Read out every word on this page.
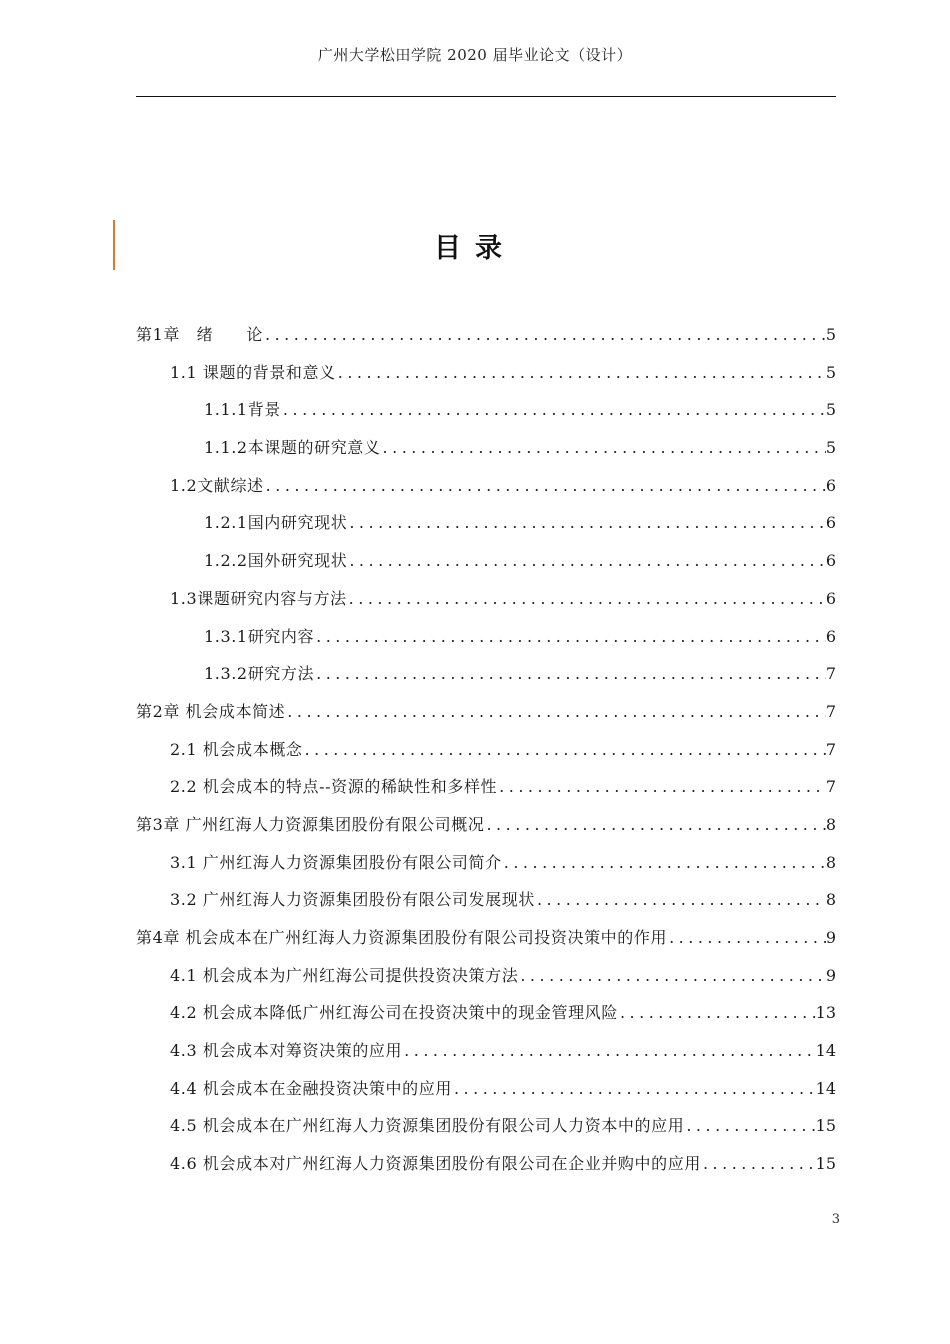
广州大学松田学院 2020 届毕业论文（设计）
目录
第1章　绪　　论 .....	5
1.1 课题的背景和意义 .....	5
1.1.1背景 .....	5
1.1.2本课题的研究意义 .....	5
1.2文献综述 .....	6
1.2.1国内研究现状 .....	6
1.2.2国外研究现状 .....	6
1.3课题研究内容与方法 .....	6
1.3.1研究内容 .....	6
1.3.2研究方法 .....	7
第2章 机会成本简述 .....	7
2.1 机会成本概念 .....	7
2.2 机会成本的特点--资源的稀缺性和多样性 .....	7
第3章 广州红海人力资源集团股份有限公司概况 .....	8
3.1 广州红海人力资源集团股份有限公司简介 .....	8
3.2 广州红海人力资源集团股份有限公司发展现状 .....	8
第4章 机会成本在广州红海人力资源集团股份有限公司投资决策中的作用 .....	9
4.1 机会成本为广州红海公司提供投资决策方法 .....	9
4.2 机会成本降低广州红海公司在投资决策中的现金管理风险 .....	13
4.3 机会成本对筹资决策的应用 .....	14
4.4 机会成本在金融投资决策中的应用 .....	14
4.5 机会成本在广州红海人力资源集团股份有限公司人力资本中的应用 .....	15
4.6 机会成本对广州红海人力资源集团股份有限公司在企业并购中的应用 .....	15
3
